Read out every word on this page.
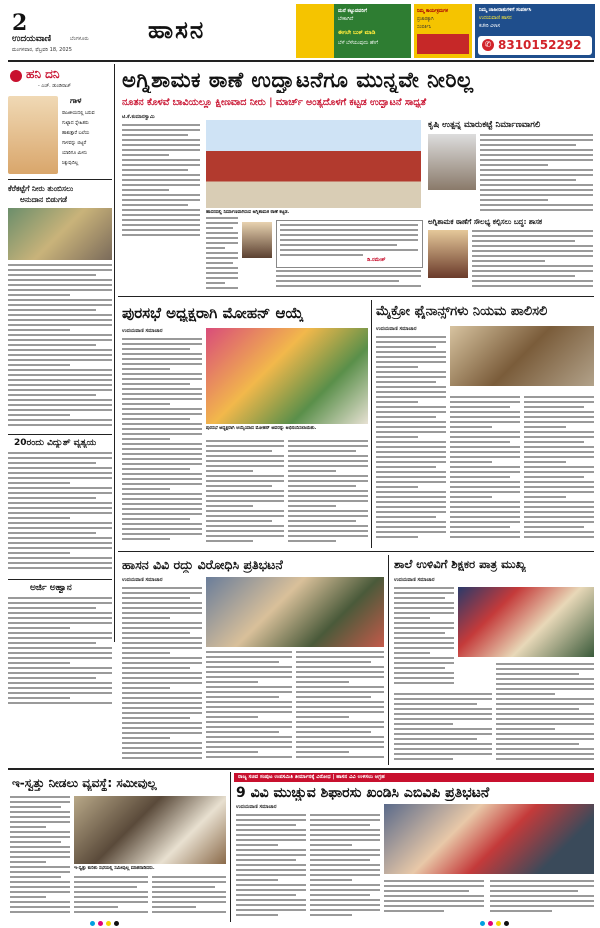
2
ಉದಯವಾಣಿ	ಬೆಂಗಳೂರು
ಮಂಗಳವಾರ, ಫೆಬ್ರವರಿ 18, 2025
ಹಾಸನ
ಮನೆ ಕಟ್ಟುವವರಿಗೆ
ಬೇಕಾಗಿದೆ
ಈಗಲೇ ಬುಕ್ ಮಾಡಿ
ಬೆಳೆ ಬೆಳೆಯುವುದು ಹೇಗೆ
ನಿಮ್ಮ ಕಾರ್ಯಕ್ರಮಗಳ
ಪ್ರಚಾರಕ್ಕಾಗಿ
ಸಂಪರ್ಕಿಸಿ
ನಿಮ್ಮ ಜಾಹೀರಾತುಗಳಿಗೆ ಸಂಪರ್ಕಿಸಿ
ಉದಯವಾಣಿ ಹಾಸನ
ಕಚೇರಿ ವಿಳಾಸ
✆ 8310152292
ಹನಿ ದನಿ
- ಎಚ್. ಡುಂಡಿರಾಜ್
ಗಾಳ
ರಾಜಕೀಯದಲ್ಲಿ ಬರುವ
ಗುಟ್ಟಾದ ಸ್ನೇಹಿತರು
ಹಾಕುತ್ತಾರೆ ಬಲೆಯ
ಗಾಳವನ್ನು ಬಿಟ್ಟರೆ
ಯಾರಿಗೂ ಮೀನು
ಸಿಕ್ಕುವುದಿಲ್ಲ
ಕೆರೆಕಟ್ಟೆಗೆ ನೀರು ತುಂಬಿಸಲು
ಅನುದಾನ ಬಿಡುಗಡೆ
20ರಂದು ವಿದ್ಯುತ್ ವ್ಯತ್ಯಯ
ಅರ್ಜಿ ಅಹ್ವಾನ
ಅಗ್ನಿಶಾಮಕ ಠಾಣೆ ಉದ್ಘಾಟನೆಗೂ ಮುನ್ನವೇ ನೀರಿಲ್ಲ
ನೂತನ ಕೊಳವೆ ಬಾವಿಯಲ್ಲೂ ಕ್ಷೀಣವಾದ ನೀರು | ಮಾರ್ಚ್ ಅಂತ್ಯದೊಳಗೆ ಕಟ್ಟಡ ಉದ್ಘಾಟನೆ ಸಾಧ್ಯತೆ
ಟಿ.ಕೆ.ಕುಮಾರಸ್ವಾಮಿ
ಹಾಸನದಲ್ಲಿ ನಿರ್ಮಾಣವಾಗಿರುವ ಅಗ್ನಿಶಾಮಕ ಠಾಣೆ ಕಟ್ಟಡ.
ಡಿ.ರಮೇಶ್
ಕೃಷಿ ಉತ್ಪನ್ನ ಮಾರುಕಟ್ಟೆ ನಿರ್ಮಾಣವಾಗಲಿ
ಅಗ್ನಿಶಾಮಕ ಠಾಣೆಗೆ ಸೌಲಭ್ಯ ಕಲ್ಪಿಸಲು ಬದ್ಧ: ಶಾಸಕ
ಪುರಸಭೆ ಅಧ್ಯಕ್ಷರಾಗಿ ಮೋಹನ್ ಆಯ್ಕೆ
ಉದಯವಾಣಿ ಸಮಾಚಾರ
ಪುರಸಭೆ ಅಧ್ಯಕ್ಷರಾಗಿ ಆಯ್ಕೆಯಾದ ಮೋಹನ್ ಅವರನ್ನು ಅಭಿನಂದಿಸಲಾಯಿತು.
ಮೈಕ್ರೋ ಫೈನಾನ್ಸ್‌ಗಳು ನಿಯಮ ಪಾಲಿಸಲಿ
ಉದಯವಾಣಿ ಸಮಾಚಾರ
ಹಾಸನ ವಿವಿ ರದ್ದು ವಿರೋಧಿಸಿ ಪ್ರತಿಭಟನೆ
ಉದಯವಾಣಿ ಸಮಾಚಾರ
ಶಾಲೆ ಉಳಿವಿಗೆ ಶಿಕ್ಷಕರ ಪಾತ್ರ ಮುಖ್ಯ
ಉದಯವಾಣಿ ಸಮಾಚಾರ
ಇ-ಸ್ವತ್ತು ನೀಡಲು ವ್ಯವಸ್ಥೆ: ಸಮೀವುಲ್ಲ
ಇ-ಸ್ವತ್ತು ಕುರಿತು ಸಭೆಯಲ್ಲಿ ಸಮೀವುಲ್ಲ ಮಾತನಾಡಿದರು.
ರಾಜ್ಯ ಸಚಿವ ಸಂಪುಟ ಉಪಸಮಿತಿ ತೀರ್ಮಾನಕ್ಕೆ ವಿರೋಧ | ಹಾಸನ ವಿವಿ ಉಳಿಸಲು ಆಗ್ರಹ
9 ವಿವಿ ಮುಚ್ಚುವ ಶಿಫಾರಸು ಖಂಡಿಸಿ ಎಬಿವಿಪಿ ಪ್ರತಿಭಟನೆ
ಉದಯವಾಣಿ ಸಮಾಚಾರ
